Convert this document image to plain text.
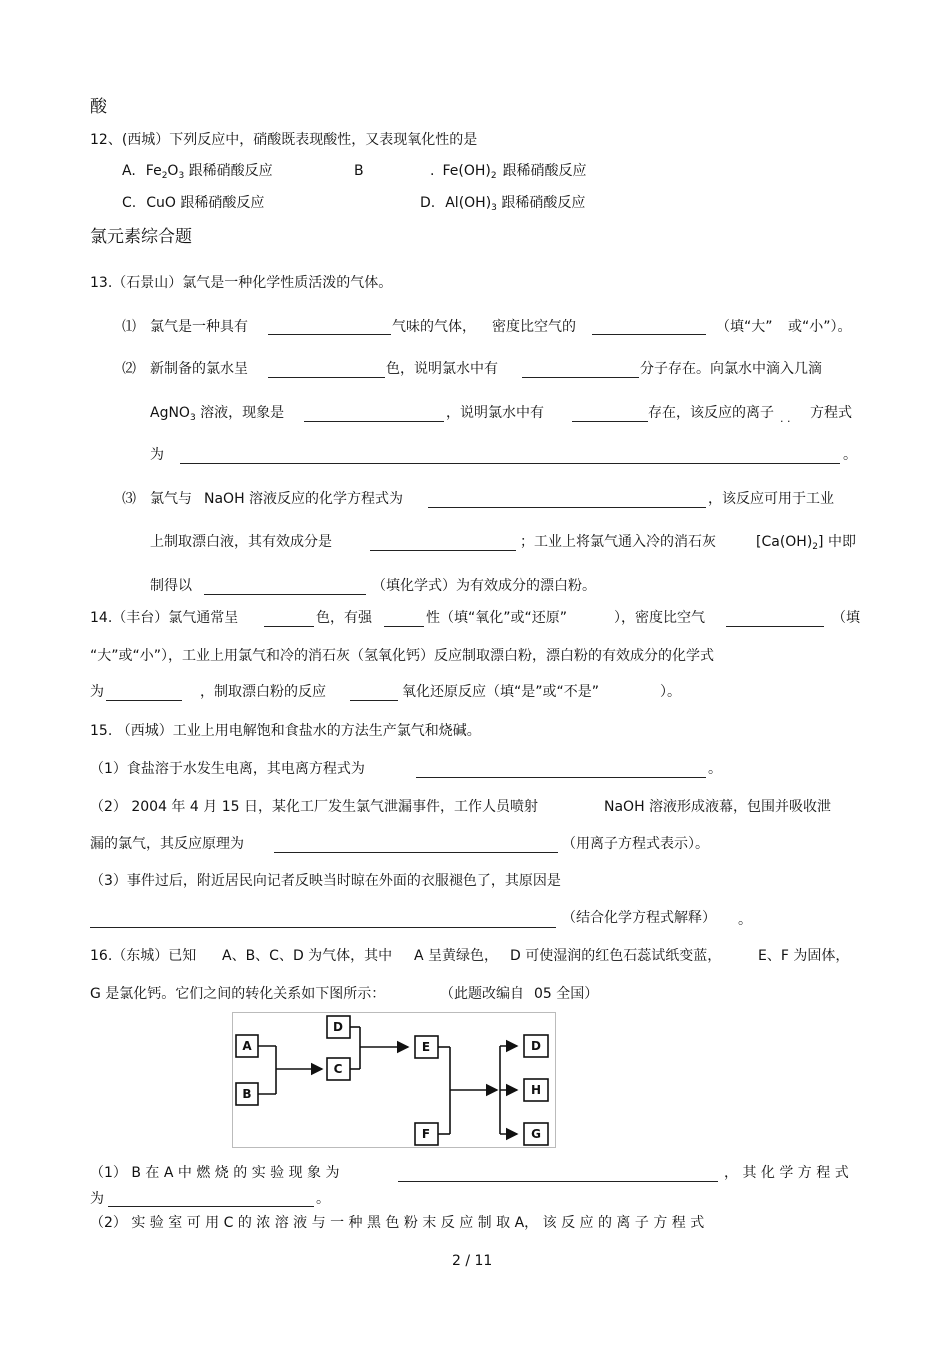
酸
12、(西城）下列反应中，硝酸既表现酸性，又表现氧化性的是
A. $Fe_2O_3$ 跟稀硝酸反应	B	. $Fe(OH)_2$ 跟稀硝酸反应
C. CuO 跟稀硝酸反应	D. $Al(OH)_3$ 跟稀硝酸反应
氯元素综合题
13.（石景山）氯气是一种化学性质活泼的气体。
⑴ 氯气是一种具有	气味的气体， 密度比空气的	（填“大” 或“小”）。
⑵ 新制备的氯水呈	色，说明氯水中有	分子存在。向氯水中滴入几滴
AgNO$_3$ 溶液，现象是	，说明氯水中有	存在，该反应的离子 . . 方程式
为	。
⑶ 氯气与 NaOH 溶液反应的化学方程式为	，该反应可用于工业
上制取漂白液，其有效成分是	；工业上将氯气通入冷的消石灰	$[Ca(OH)_2]$ 中即
制得以	（填化学式）为有效成分的漂白粉。
14.（丰台）氯气通常呈	色，有强	性（填“氧化”或“还原”	），密度比空气	（填
“大”或“小”），工业上用氯气和冷的消石灰（氢氧化钙）反应制取漂白粉，漂白粉的有效成分的化学式
为	，制取漂白粉的反应	氧化还原反应（填“是”或“不是”	）。
15. （西城）工业上用电解饱和食盐水的方法生产氯气和烧碱。
（1）食盐溶于水发生电离，其电离方程式为	。
（2） 2004 年 4 月 15 日，某化工厂发生氯气泄漏事件，工作人员喷射	NaOH 溶液形成液幕，包围并吸收泄
漏的氯气，其反应原理为	（用离子方程式表示）。
（3）事件过后，附近居民向记者反映当时晾在外面的衣服褪色了，其原因是
（结合化学方程式解释） 。
16.（东城）已知 A、B、C、D 为气体，其中 A 呈黄绿色， D 可使湿润的红色石蕊试纸变蓝，	E、F 为固体，
G 是氯化钙。它们之间的转化关系如下图所示：	（此题改编自 05 全国）
A
B
D
C
E
F
D
H
G
（1） B 在 A 中 燃 烧 的 实 验 现 象 为	， 其 化 学 方 程 式
为	。
（2） 实 验 室 可 用 C 的 浓 溶 液 与 一 种 黑 色 粉 末 反 应 制 取 A， 该 反 应 的 离 子 方 程 式
2 / 11
